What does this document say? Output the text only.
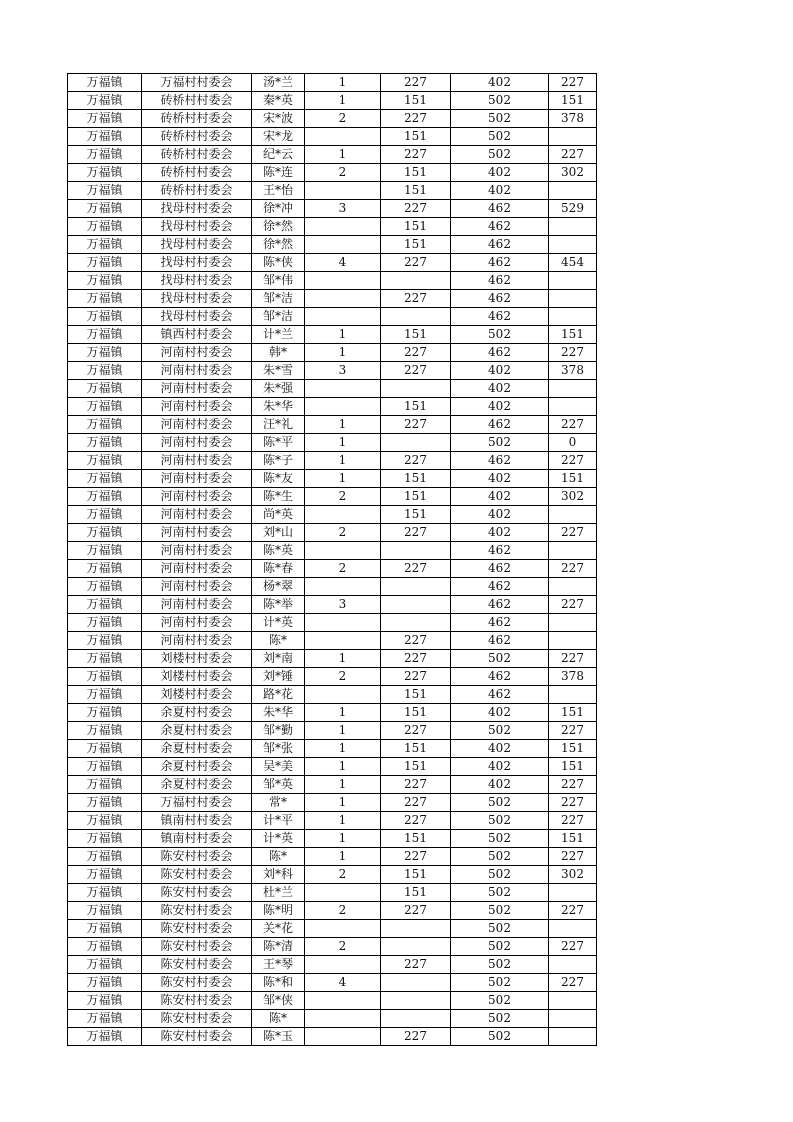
万福镇	万福村村委会	汤*兰	1	227	402	227
万福镇	砖桥村村委会	秦*英	1	151	502	151
万福镇	砖桥村村委会	宋*波	2	227	502	378
万福镇	砖桥村村委会	宋*龙		151	502	
万福镇	砖桥村村委会	纪*云	1	227	502	227
万福镇	砖桥村村委会	陈*连	2	151	402	302
万福镇	砖桥村村委会	王*怡		151	402	
万福镇	找母村村委会	徐*冲	3	227	462	529
万福镇	找母村村委会	徐*然		151	462	
万福镇	找母村村委会	徐*然		151	462	
万福镇	找母村村委会	陈*侠	4	227	462	454
万福镇	找母村村委会	邹*伟			462	
万福镇	找母村村委会	邹*洁		227	462	
万福镇	找母村村委会	邹*洁			462	
万福镇	镇西村村委会	计*兰	1	151	502	151
万福镇	河南村村委会	韩*	1	227	462	227
万福镇	河南村村委会	朱*雪	3	227	402	378
万福镇	河南村村委会	朱*强			402	
万福镇	河南村村委会	朱*华		151	402	
万福镇	河南村村委会	汪*礼	1	227	462	227
万福镇	河南村村委会	陈*平	1		502	0
万福镇	河南村村委会	陈*子	1	227	462	227
万福镇	河南村村委会	陈*友	1	151	402	151
万福镇	河南村村委会	陈*生	2	151	402	302
万福镇	河南村村委会	尚*英		151	402	
万福镇	河南村村委会	刘*山	2	227	402	227
万福镇	河南村村委会	陈*英			462	
万福镇	河南村村委会	陈*春	2	227	462	227
万福镇	河南村村委会	杨*翠			462	
万福镇	河南村村委会	陈*举	3		462	227
万福镇	河南村村委会	计*英			462	
万福镇	河南村村委会	陈*		227	462	
万福镇	刘楼村村委会	刘*南	1	227	502	227
万福镇	刘楼村村委会	刘*锤	2	227	462	378
万福镇	刘楼村村委会	路*花		151	462	
万福镇	余夏村村委会	朱*华	1	151	402	151
万福镇	余夏村村委会	邹*勤	1	227	502	227
万福镇	余夏村村委会	邹*张	1	151	402	151
万福镇	余夏村村委会	吴*美	1	151	402	151
万福镇	余夏村村委会	邹*英	1	227	402	227
万福镇	万福村村委会	常*	1	227	502	227
万福镇	镇南村村委会	计*平	1	227	502	227
万福镇	镇南村村委会	计*英	1	151	502	151
万福镇	陈安村村委会	陈*	1	227	502	227
万福镇	陈安村村委会	刘*科	2	151	502	302
万福镇	陈安村村委会	杜*兰		151	502	
万福镇	陈安村村委会	陈*明	2	227	502	227
万福镇	陈安村村委会	关*花			502	
万福镇	陈安村村委会	陈*清	2		502	227
万福镇	陈安村村委会	王*琴		227	502	
万福镇	陈安村村委会	陈*和	4		502	227
万福镇	陈安村村委会	邹*侠			502	
万福镇	陈安村村委会	陈*			502	
万福镇	陈安村村委会	陈*玉		227	502	
